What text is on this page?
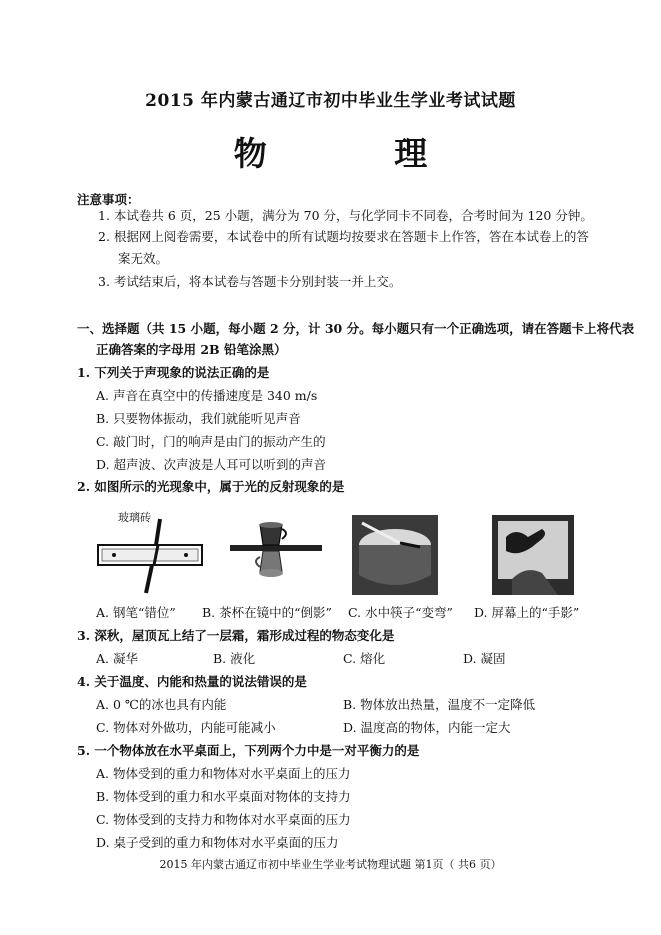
2015 年内蒙古通辽市初中毕业生学业考试试题
物 理
注意事项：
1. 本试卷共 6 页，25 小题，满分为 70 分，与化学同卡不同卷，合考时间为 120 分钟。
2. 根据网上阅卷需要，本试卷中的所有试题均按要求在答题卡上作答，答在本试卷上的答
案无效。
3. 考试结束后，将本试卷与答题卡分别封装一并上交。
一、选择题（共 15 小题，每小题 2 分，计 30 分。每小题只有一个正确选项，请在答题卡上将代表
正确答案的字母用 2B 铅笔涂黑）
1. 下列关于声现象的说法正确的是
A. 声音在真空中的传播速度是 340 m/s
B. 只要物体振动，我们就能听见声音
C. 敲门时，门的响声是由门的振动产生的
D. 超声波、次声波是人耳可以听到的声音
2. 如图所示的光现象中，属于光的反射现象的是
玻璃砖
A. 钢笔“错位” B. 茶杯在镜中的“倒影” C. 水中筷子“变弯” D. 屏幕上的“手影”
3. 深秋，屋顶瓦上结了一层霜，霜形成过程的物态变化是
A. 凝华	B. 液化	C. 熔化	D. 凝固
4. 关于温度、内能和热量的说法错误的是
A. 0 ℃的冰也具有内能	B. 物体放出热量，温度不一定降低
C. 物体对外做功，内能可能减小	D. 温度高的物体，内能一定大
5. 一个物体放在水平桌面上，下列两个力中是一对平衡力的是
A. 物体受到的重力和物体对水平桌面上的压力
B. 物体受到的重力和水平桌面对物体的支持力
C. 物体受到的支持力和物体对水平桌面的压力
D. 桌子受到的重力和物体对水平桌面的压力
2015 年内蒙古通辽市初中毕业生学业考试物理试题 第1页（ 共6 页）
